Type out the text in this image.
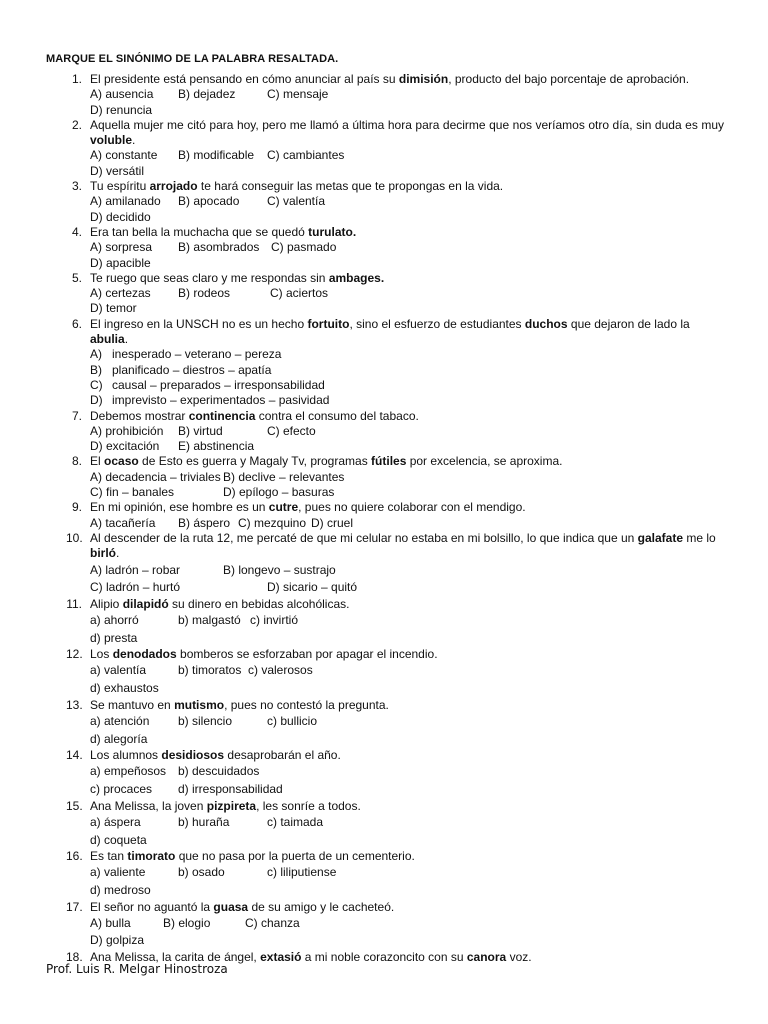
MARQUE EL SINÓNIMO DE LA PALABRA RESALTADA.
1. El presidente está pensando en cómo anunciar al país su dimisión, producto del bajo porcentaje de aprobación.
A) ausencia B) dejadez	C) mensaje
D) renuncia
2. Aquella mujer me citó para hoy, pero me llamó a última hora para decirme que nos veríamos otro día, sin duda es muy voluble.
A) constante B) modificable C) cambiantes
D) versátil
3. Tu espíritu arrojado te hará conseguir las metas que te propongas en la vida.
A) amilanado B) apocado C) valentía
D) decidido
4. Era tan bella la muchacha que se quedó turulato.
A) sorpresa B) asombrados C) pasmado
D) apacible
5. Te ruego que seas claro y me respondas sin ambages.
A) certezas B) rodeos	C) aciertos
D) temor
6. El ingreso en la UNSCH no es un hecho fortuito, sino el esfuerzo de estudiantes duchos que dejaron de lado la abulia.
A) inesperado – veterano – pereza
B) planificado – diestros – apatía
C) causal – preparados – irresponsabilidad
D) imprevisto – experimentados – pasividad
7. Debemos mostrar continencia contra el consumo del tabaco.
A) prohibición B) virtud	C) efecto
D) excitación E) abstinencia
8. El ocaso de Esto es guerra y Magaly Tv, programas fútiles por excelencia, se aproxima.
A) decadencia – triviales B) declive – relevantes
C) fin – banales	D) epílogo – basuras
9. En mi opinión, ese hombre es un cutre, pues no quiere colaborar con el mendigo.
A) tacañería B) áspero C) mezquino D) cruel
10. Al descender de la ruta 12, me percaté de que mi celular no estaba en mi bolsillo, lo que indica que un galafate me lo birló.
A) ladrón – robar	B) longevo – sustrajo
C) ladrón – hurtó	D) sicario – quitó
11. Alipio dilapidó su dinero en bebidas alcohólicas.
a) ahorró	b) malgastó c) invirtió
d) presta
12. Los denodados bomberos se esforzaban por apagar el incendio.
a) valentía	b) timoratos c) valerosos
d) exhaustos
13. Se mantuvo en mutismo, pues no contestó la pregunta.
a) atención b) silencio	c) bullicio
d) alegoría
14. Los alumnos desidiosos desaprobarán el año.
a) empeñosos b) descuidados
c) procaces d) irresponsabilidad
15. Ana Melissa, la joven pizpireta, les sonríe a todos.
a) áspera	b) huraña	c) taimada
d) coqueta
16. Es tan timorato que no pasa por la puerta de un cementerio.
a) valiente	b) osado	c) liliputiense
d) medroso
17. El señor no aguantó la guasa de su amigo y le cacheteó.
A) bulla	B) elogio	C) chanza
D) golpiza
18. Ana Melissa, la carita de ángel, extasió a mi noble corazoncito con su canora voz.
Prof. Luis R. Melgar Hinostroza
